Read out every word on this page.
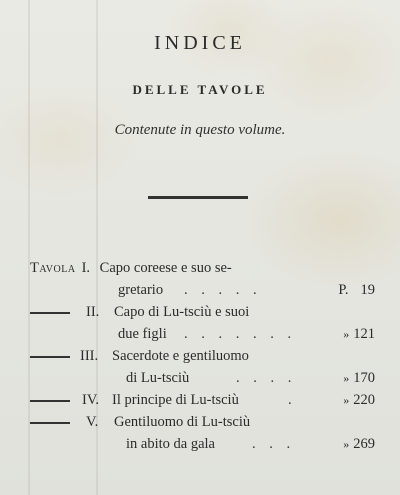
INDICE
DELLE TAVOLE
Contenute in questo volume.
Tavola I. Capo coreese e suo se-
gretario . . . . .	P. 19
II. Capo di Lu-tsciù e suoi
due figli . . . . . . .	» 121
III. Sacerdote e gentiluomo
di Lu-tsciù	. . . .	» 170
IV. Il principe di Lu-tsciù	.	» 220
V. Gentiluomo di Lu-tsciù
in abito da gala	. . .	» 269
